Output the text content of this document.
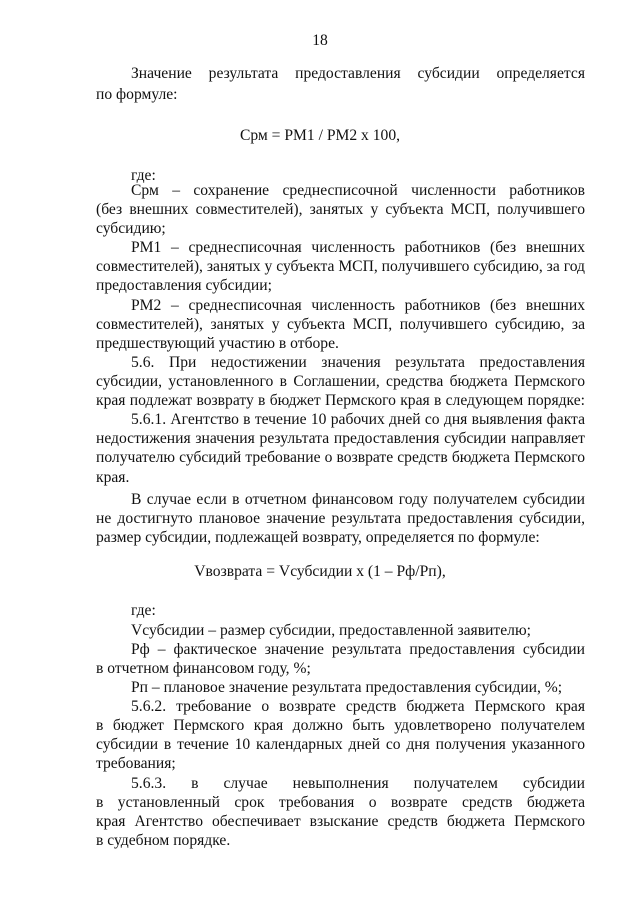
18
Значение результата предоставления субсидии определяется
по формуле:
Срм = РМ1 / РМ2 х 100,
где:
Срм – сохранение среднесписочной численности работников
(без внешних совместителей), занятых у субъекта МСП, получившего
субсидию;
РМ1 – среднесписочная численность работников (без внешних
совместителей), занятых у субъекта МСП, получившего субсидию, за год
предоставления субсидии;
РМ2 – среднесписочная численность работников (без внешних
совместителей), занятых у субъекта МСП, получившего субсидию, за
предшествующий участию в отборе.
5.6. При недостижении значения результата предоставления
субсидии, установленного в Соглашении, средства бюджета Пермского
края подлежат возврату в бюджет Пермского края в следующем порядке:
5.6.1. Агентство в течение 10 рабочих дней со дня выявления факта
недостижения значения результата предоставления субсидии направляет
получателю субсидий требование о возврате средств бюджета Пермского
края.
В случае если в отчетном финансовом году получателем субсидии
не достигнуто плановое значение результата предоставления субсидии,
размер субсидии, подлежащей возврату, определяется по формуле:
Vвозврата = Vсубсидии х (1 – Рф/Рп),
где:
Vсубсидии – размер субсидии, предоставленной заявителю;
Рф – фактическое значение результата предоставления субсидии
в отчетном финансовом году, %;
Рп – плановое значение результата предоставления субсидии, %;
5.6.2. требование о возврате средств бюджета Пермского края
в бюджет Пермского края должно быть удовлетворено получателем
субсидии в течение 10 календарных дней со дня получения указанного
требования;
5.6.3. в случае невыполнения получателем субсидии
в установленный срок требования о возврате средств бюджета
края Агентство обеспечивает взыскание средств бюджета Пермского
в судебном порядке.
